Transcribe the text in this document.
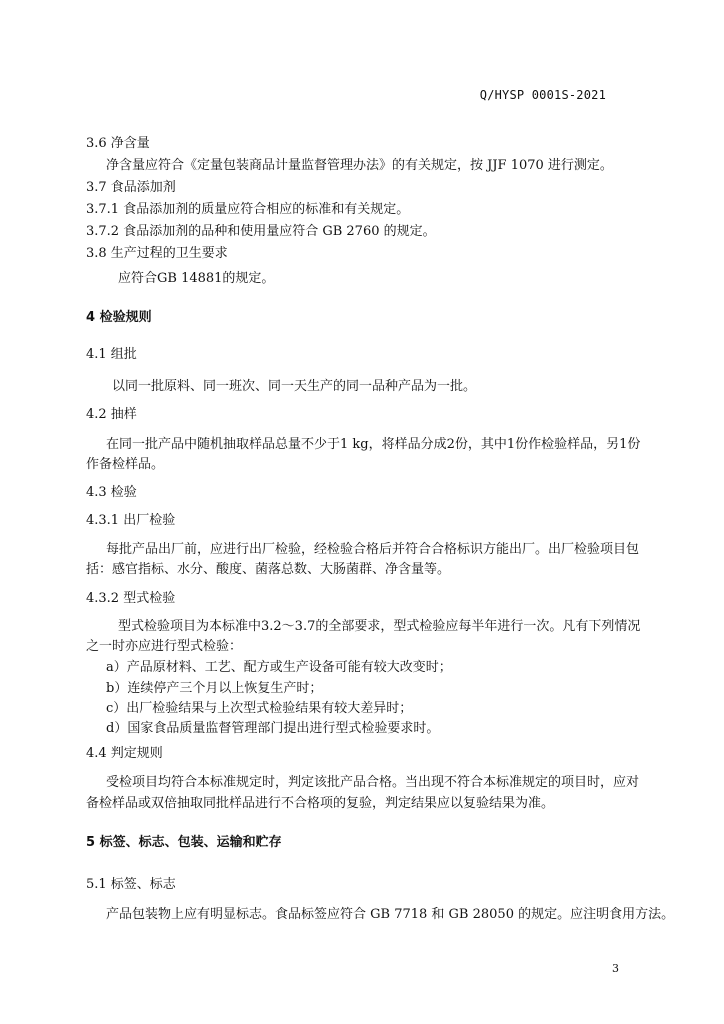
Q/HYSP 0001S-2021
3.6 净含量
净含量应符合《定量包装商品计量监督管理办法》的有关规定，按 JJF 1070 进行测定。
3.7 食品添加剂
3.7.1 食品添加剂的质量应符合相应的标准和有关规定。
3.7.2 食品添加剂的品种和使用量应符合 GB 2760 的规定。
3.8 生产过程的卫生要求
应符合GB 14881的规定。
4 检验规则
4.1 组批
以同一批原料、同一班次、同一天生产的同一品种产品为一批。
4.2 抽样
在同一批产品中随机抽取样品总量不少于1 kg，将样品分成2份，其中1份作检验样品，另1份
作备检样品。
4.3 检验
4.3.1 出厂检验
每批产品出厂前，应进行出厂检验，经检验合格后并符合合格标识方能出厂。出厂检验项目包
括：感官指标、水分、酸度、菌落总数、大肠菌群、净含量等。
4.3.2 型式检验
型式检验项目为本标准中3.2～3.7的全部要求，型式检验应每半年进行一次。凡有下列情况
之一时亦应进行型式检验：
a）产品原材料、工艺、配方或生产设备可能有较大改变时；
b）连续停产三个月以上恢复生产时；
c）出厂检验结果与上次型式检验结果有较大差异时；
d）国家食品质量监督管理部门提出进行型式检验要求时。
4.4 判定规则
受检项目均符合本标准规定时，判定该批产品合格。当出现不符合本标准规定的项目时，应对
备检样品或双倍抽取同批样品进行不合格项的复验，判定结果应以复验结果为准。
5 标签、标志、包装、运输和贮存
5.1 标签、标志
产品包装物上应有明显标志。食品标签应符合 GB 7718 和 GB 28050 的规定。应注明食用方法。
3
